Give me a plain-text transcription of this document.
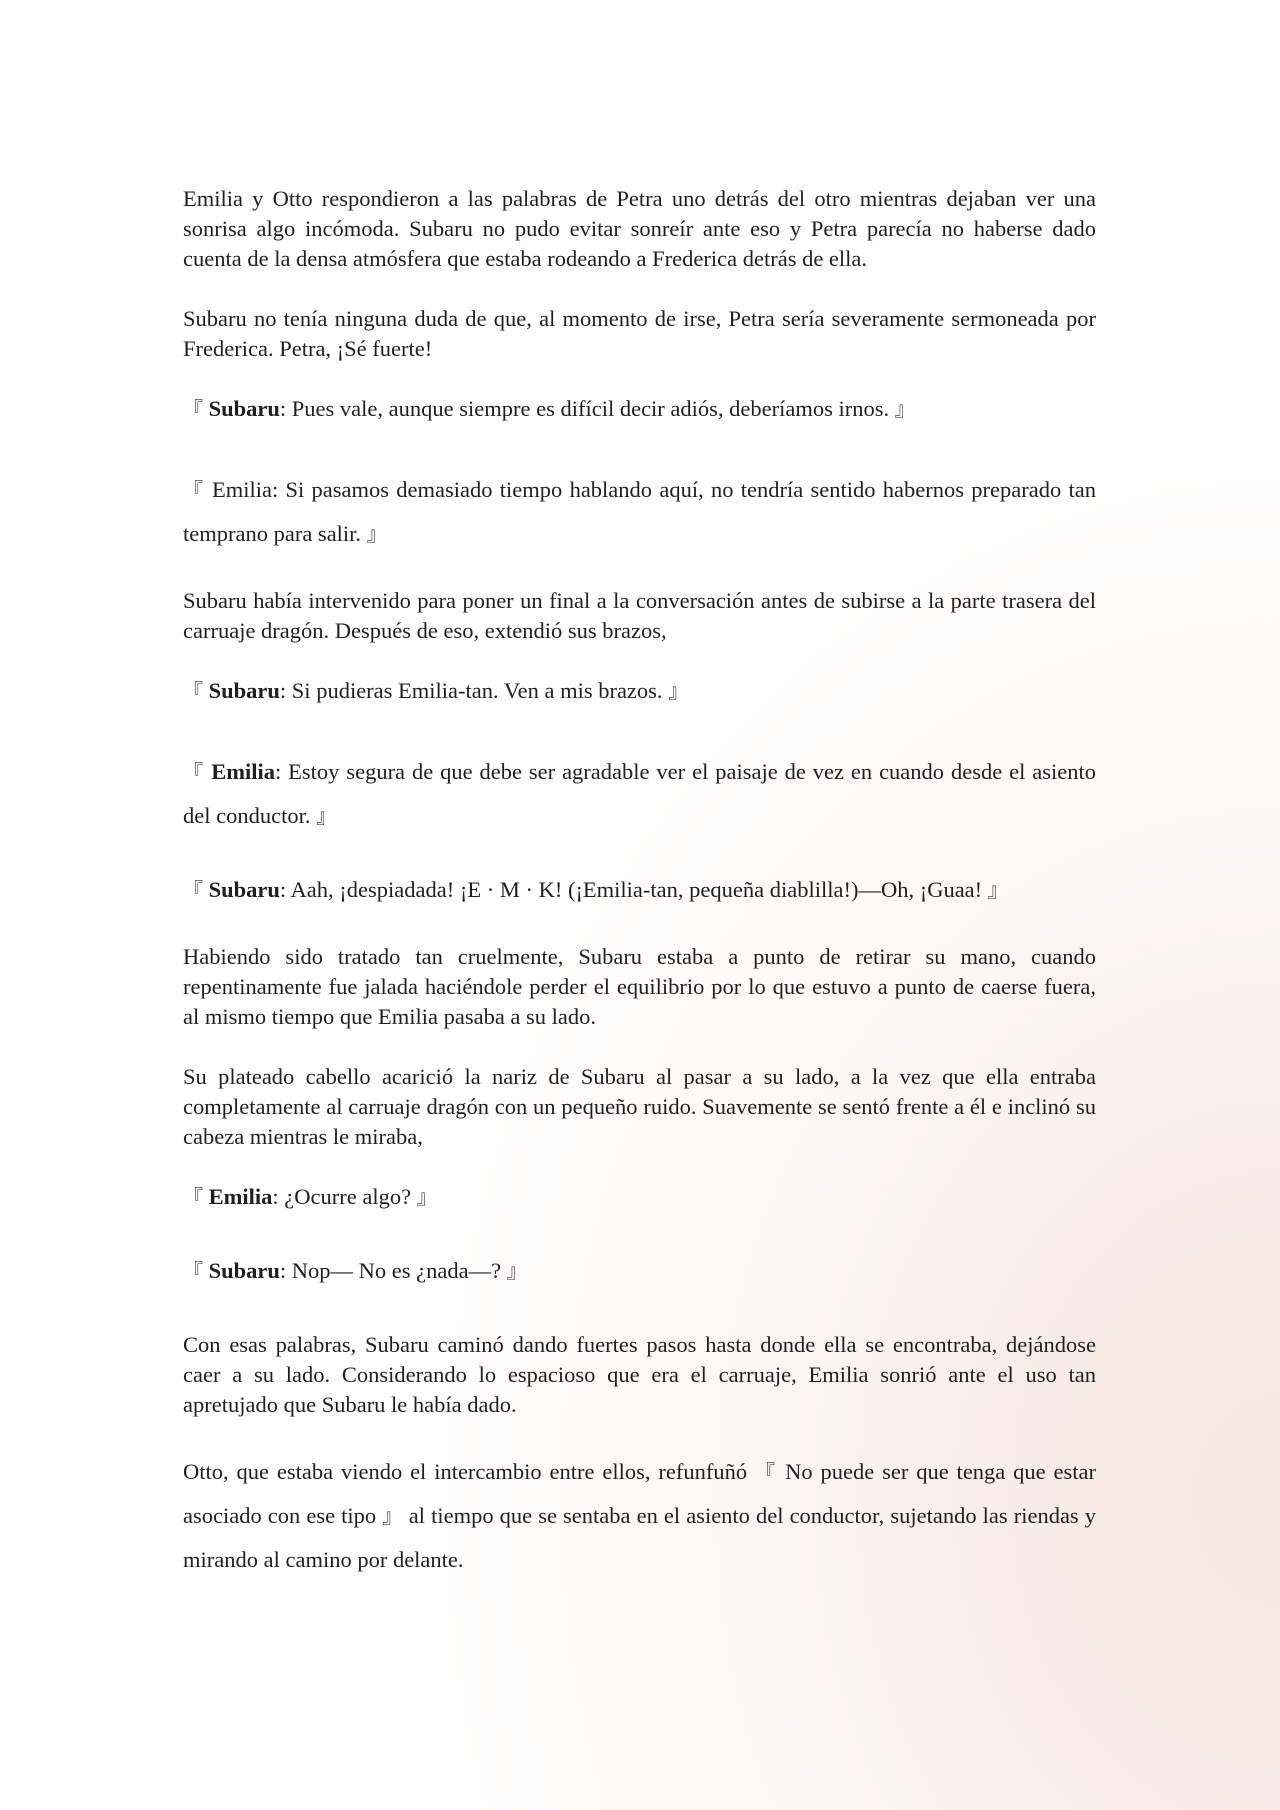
Emilia y Otto respondieron a las palabras de Petra uno detrás del otro mientras dejaban ver una sonrisa algo incómoda. Subaru no pudo evitar sonreír ante eso y Petra parecía no haberse dado cuenta de la densa atmósfera que estaba rodeando a Frederica detrás de ella.

Subaru no tenía ninguna duda de que, al momento de irse, Petra sería severamente sermoneada por Frederica. Petra, ¡Sé fuerte!

『 Subaru: Pues vale, aunque siempre es difícil decir adiós, deberíamos irnos. 』

『 Emilia: Si pasamos demasiado tiempo hablando aquí, no tendría sentido habernos preparado tan temprano para salir. 』

Subaru había intervenido para poner un final a la conversación antes de subirse a la parte trasera del carruaje dragón. Después de eso, extendió sus brazos,

『 Subaru: Si pudieras Emilia-tan. Ven a mis brazos. 』

『 Emilia: Estoy segura de que debe ser agradable ver el paisaje de vez en cuando desde el asiento del conductor. 』

『 Subaru: Aah, ¡despiadada! ¡E · M · K! (¡Emilia-tan, pequeña diablilla!)—Oh, ¡Guaa! 』

Habiendo sido tratado tan cruelmente, Subaru estaba a punto de retirar su mano, cuando repentinamente fue jalada haciéndole perder el equilibrio por lo que estuvo a punto de caerse fuera, al mismo tiempo que Emilia pasaba a su lado.

Su plateado cabello acarició la nariz de Subaru al pasar a su lado, a la vez que ella entraba completamente al carruaje dragón con un pequeño ruido. Suavemente se sentó frente a él e inclinó su cabeza mientras le miraba,

『 Emilia: ¿Ocurre algo? 』

『 Subaru: Nop— No es ¿nada—? 』

Con esas palabras, Subaru caminó dando fuertes pasos hasta donde ella se encontraba, dejándose caer a su lado. Considerando lo espacioso que era el carruaje, Emilia sonrió ante el uso tan apretujado que Subaru le había dado.

Otto, que estaba viendo el intercambio entre ellos, refunfuñó 『 No puede ser que tenga que estar asociado con ese tipo 』 al tiempo que se sentaba en el asiento del conductor, sujetando las riendas y mirando al camino por delante.
